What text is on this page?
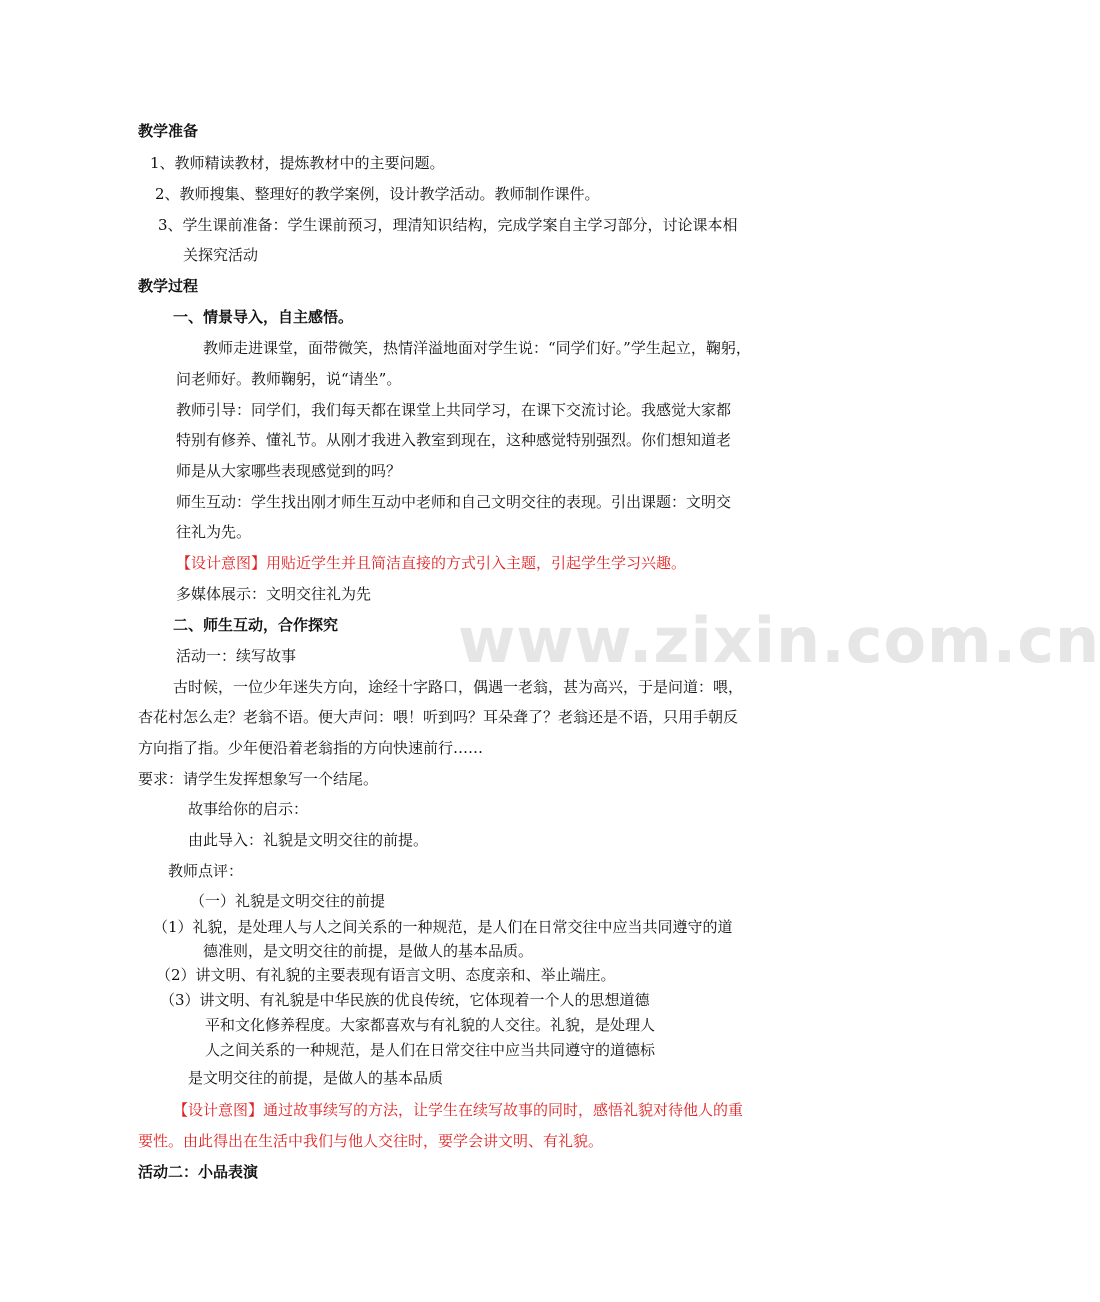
www.zixin.com.cn
教学准备
1、教师精读教材，提炼教材中的主要问题。
2、教师搜集、整理好的教学案例，设计教学活动。教师制作课件。
3、学生课前准备：学生课前预习，理清知识结构，完成学案自主学习部分，讨论课本相
关探究活动
教学过程
一、情景导入，自主感悟。
教师走进课堂，面带微笑，热情洋溢地面对学生说：“同学们好。”学生起立，鞠躬，
问老师好。教师鞠躬，说“请坐”。
教师引导：同学们，我们每天都在课堂上共同学习，在课下交流讨论。我感觉大家都
特别有修养、懂礼节。从刚才我进入教室到现在，这种感觉特别强烈。你们想知道老
师是从大家哪些表现感觉到的吗？
师生互动：学生找出刚才师生互动中老师和自己文明交往的表现。引出课题：文明交
往礼为先。
【设计意图】用贴近学生并且简洁直接的方式引入主题，引起学生学习兴趣。
多媒体展示：文明交往礼为先
二、师生互动，合作探究
活动一：续写故事
古时候，一位少年迷失方向，途经十字路口，偶遇一老翁，甚为高兴，于是问道：喂，
杏花村怎么走？老翁不语。便大声问：喂！听到吗？耳朵聋了？老翁还是不语，只用手朝反
方向指了指。少年便沿着老翁指的方向快速前行……
要求：请学生发挥想象写一个结尾。
故事给你的启示：
由此导入：礼貌是文明交往的前提。
教师点评：
（一）礼貌是文明交往的前提
（1）礼貌，是处理人与人之间关系的一种规范，是人们在日常交往中应当共同遵守的道
德准则，是文明交往的前提，是做人的基本品质。
（2）讲文明、有礼貌的主要表现有语言文明、态度亲和、举止端庄。
（3）讲文明、有礼貌是中华民族的优良传统，它体现着一个人的思想道德
平和文化修养程度。大家都喜欢与有礼貌的人交往。礼貌，是处理人
人之间关系的一种规范，是人们在日常交往中应当共同遵守的道德标
是文明交往的前提，是做人的基本品质
【设计意图】通过故事续写的方法，让学生在续写故事的同时，感悟礼貌对待他人的重
要性。由此得出在生活中我们与他人交往时，要学会讲文明、有礼貌。
活动二：小品表演
